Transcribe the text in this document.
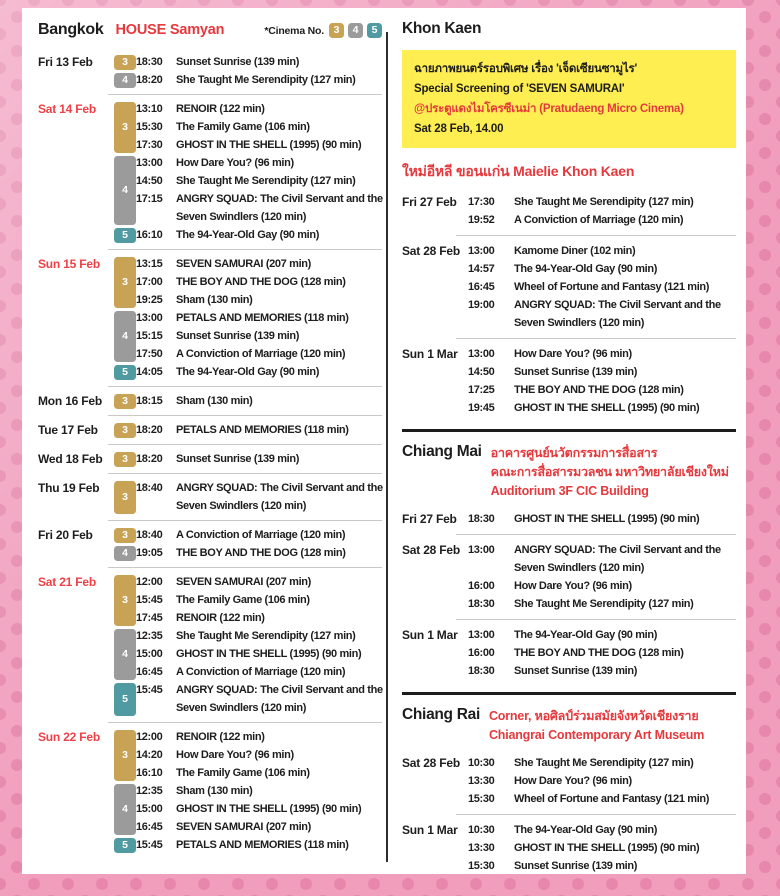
Bangkok HOUSE Samyan	*Cinema No. 3	4	5
Fri 13 Feb	3 18:30	Sunset Sunrise (139 min)
4 18:20	She Taught Me Serendipity (127 min)
Sat 14 Feb
3
13:10	RENOIR (122 min)
15:30	The Family Game (106 min)
17:30	GHOST IN THE SHELL (1995) (90 min)
4
13:00	How Dare You? (96 min)
14:50	She Taught Me Serendipity (127 min)
17:15	ANGRY SQUAD: The Civil Servant and the Seven Swindlers (120 min)
5 16:10	The 94-Year-Old Gay (90 min)
Sun 15 Feb
3
13:15	SEVEN SAMURAI (207 min)
17:00	THE BOY AND THE DOG (128 min)
19:25	Sham (130 min)
4
13:00	PETALS AND MEMORIES (118 min)
15:15	Sunset Sunrise (139 min)
17:50	A Conviction of Marriage (120 min)
5 14:05	The 94-Year-Old Gay (90 min)
Mon 16 Feb	3 18:15	Sham (130 min)
Tue 17 Feb	3 18:20	PETALS AND MEMORIES (118 min)
Wed 18 Feb	3 18:20	Sunset Sunrise (139 min)
Thu 19 Feb
3
18:40	ANGRY SQUAD: The Civil Servant and the Seven Swindlers (120 min)
Fri 20 Feb	3 18:40	A Conviction of Marriage (120 min)
4 19:05	THE BOY AND THE DOG (128 min)
Sat 21 Feb
3
12:00	SEVEN SAMURAI (207 min)
15:45	The Family Game (106 min)
17:45	RENOIR (122 min)
4
12:35	She Taught Me Serendipity (127 min)
15:00	GHOST IN THE SHELL (1995) (90 min)
16:45	A Conviction of Marriage (120 min)
5
15:45	ANGRY SQUAD: The Civil Servant and the Seven Swindlers (120 min)
Sun 22 Feb
3
12:00	RENOIR (122 min)
14:20	How Dare You? (96 min)
16:10	The Family Game (106 min)
4
12:35	Sham (130 min)
15:00	GHOST IN THE SHELL (1995) (90 min)
16:45	SEVEN SAMURAI (207 min)
5 15:45	PETALS AND MEMORIES (118 min)
Khon Kaen
ฉายภาพยนตร์รอบพิเศษ เรื่อง 'เจ็ดเซียนซามูไร'
Special Screening of 'SEVEN SAMURAI'
@ประตูแดงไมโครซีเนม่า (Pratudaeng Micro Cinema)
Sat 28 Feb, 14.00
ใหม่อีหลี ขอนแก่น Maielie Khon Kaen
Fri 27 Feb	17:30	She Taught Me Serendipity (127 min)
19:52	A Conviction of Marriage (120 min)
Sat 28 Feb 13:00	Kamome Diner (102 min)
14:57	The 94-Year-Old Gay (90 min)
16:45	Wheel of Fortune and Fantasy (121 min)
19:00	ANGRY SQUAD: The Civil Servant and the Seven Swindlers (120 min)
Sun 1 Mar 13:00	How Dare You? (96 min)
14:50	Sunset Sunrise (139 min)
17:25	THE BOY AND THE DOG (128 min)
19:45	GHOST IN THE SHELL (1995) (90 min)
Chiang Mai อาคารศูนย์นวัตกรรมการสื่อสาร
คณะการสื่อสารมวลชน มหาวิทยาลัยเชียงใหม่
Auditorium 3F CIC Building
Fri 27 Feb	18:30	GHOST IN THE SHELL (1995) (90 min)
Sat 28 Feb 13:00	ANGRY SQUAD: The Civil Servant and the Seven Swindlers (120 min)
16:00	How Dare You? (96 min)
18:30	She Taught Me Serendipity (127 min)
Sun 1 Mar 13:00	The 94-Year-Old Gay (90 min)
16:00	THE BOY AND THE DOG (128 min)
18:30	Sunset Sunrise (139 min)
Chiang Rai Corner, หอศิลป์ร่วมสมัยจังหวัดเชียงราย
Chiangrai Contemporary Art Museum
Sat 28 Feb 10:30	She Taught Me Serendipity (127 min)
13:30	How Dare You? (96 min)
15:30	Wheel of Fortune and Fantasy (121 min)
Sun 1 Mar 10:30	The 94-Year-Old Gay (90 min)
13:30	GHOST IN THE SHELL (1995) (90 min)
15:30	Sunset Sunrise (139 min)
